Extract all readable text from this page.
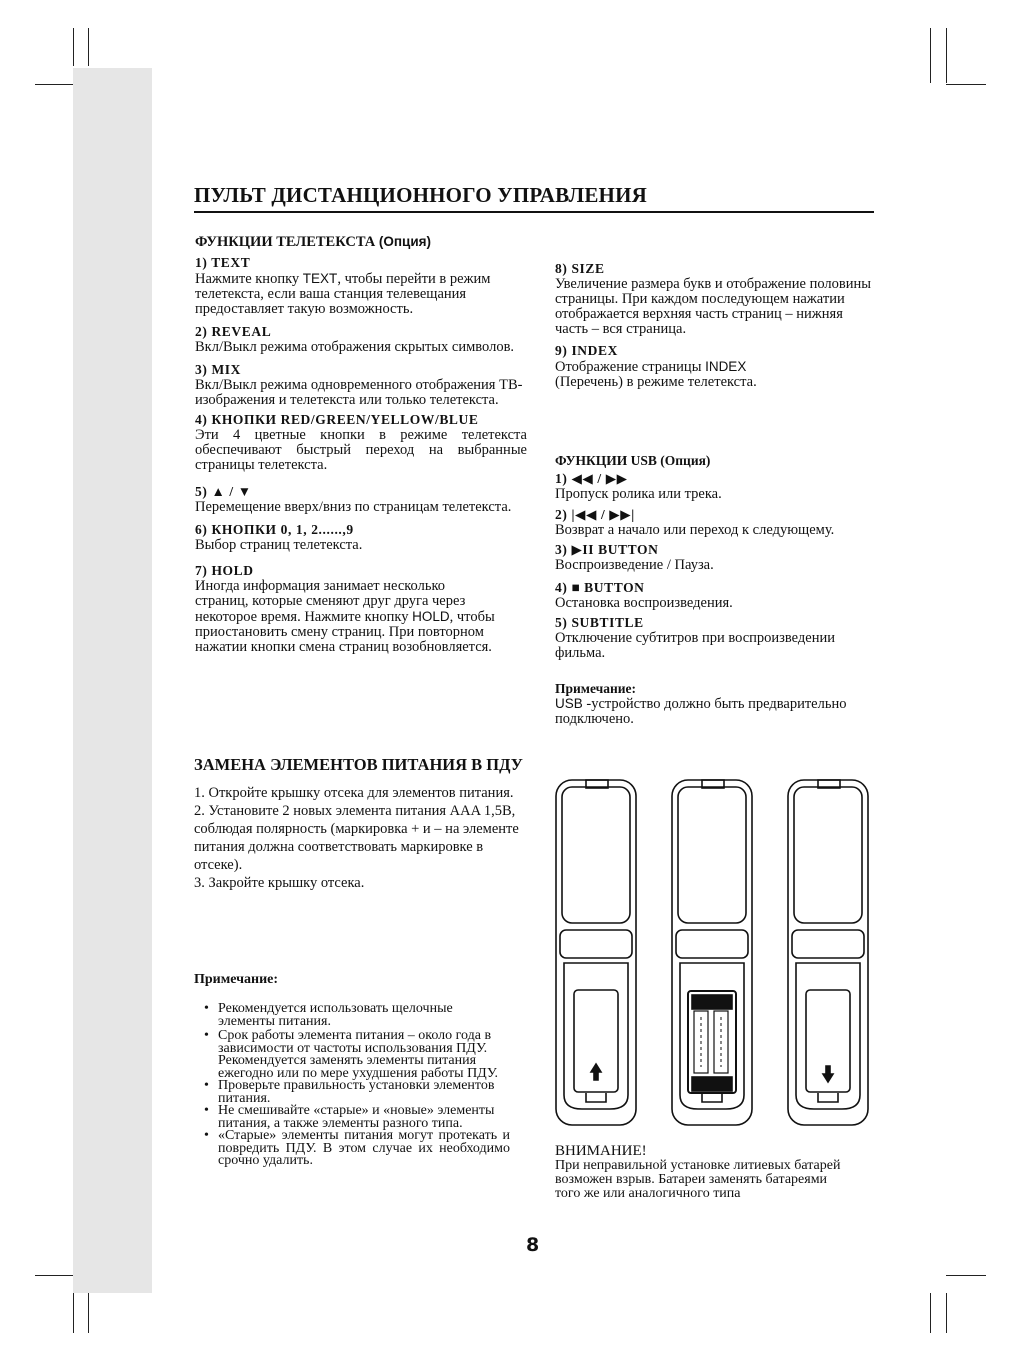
ПУЛЬТ ДИСТАНЦИОННОГО УПРАВЛЕНИЯ
ФУНКЦИИ ТЕЛЕТЕКСТА (Опция)
1) TEXT

Нажмите кнопку TEXT, чтобы перейти в режим телетекста, если ваша станция телевещания предоставляет такую возможность.

2) REVEAL

Вкл/Выкл режима отображения скрытых символов.

3) MIX

Вкл/Выкл режима одновременного отображения ТВ-изображения и телетекста или только телетекста.

4) КНОПКИ RED/GREEN/YELLOW/BLUE

Эти 4 цветные кнопки в режиме телетекста обеспечивают быстрый переход на выбранные страницы телетекста.

5) ▲ / ▼

Перемещение вверх/вниз по страницам телетекста.

6) КНОПКИ 0, 1, 2......,9

Выбор страниц телетекста.

7) HOLD

Иногда информация занимает несколько страниц, которые сменяют друг друга через некоторое время. Нажмите кнопку HOLD, чтобы приостановить смену страниц. При повторном нажатии кнопки смена страниц возобновляется.

8) SIZE

Увеличение размера букв и отображение половины страницы. При каждом последующем нажатии отображается верхняя часть страниц – нижняя часть – вся страница.

9) INDEX

Отображение страницы INDEX (Перечень) в режиме телетекста.

ФУНКЦИИ USB (Опция)
1) ◀◀ / ▶▶

Пропуск ролика или трека.

2) |◀◀ / ▶▶|

Возврат а начало или переход к следующему.

3) ▶II BUTTON

Воспроизведение / Пауза.

4) ■ BUTTON

Остановка воспроизведения.

5) SUBTITLE

Отключение субтитров при воспроизведении фильма.

Примечание:

USB -устройство должно быть предварительно подключено.

ЗАМЕНА ЭЛЕМЕНТОВ ПИТАНИЯ В ПДУ

1. Откройте крышку отсека для элементов питания.

2. Установите 2 новых элемента питания AAA 1,5В, соблюдая полярность (маркировка + и – на элементе питания должна соответствовать маркировке в отсеке).

3. Закройте крышку отсека.

Примечание:
• Рекомендуется использовать щелочные элементы питания.
• Срок работы элемента питания – около года в зависимости от частоты использования ПДУ. Рекомендуется заменять элементы питания ежегодно или по мере ухудшения работы ПДУ.
• Проверьте правильность установки элементов питания.
• Не смешивайте «старые» и «новые» элементы питания, а также элементы разного типа.
• «Старые» элементы питания могут протекать и повредить ПДУ. В этом случае их необходимо срочно удалить.
ВНИМАНИЕ!

При неправильной установке литиевых батарей возможен взрыв. Батареи заменять батареями того же или аналогичного типа

8
